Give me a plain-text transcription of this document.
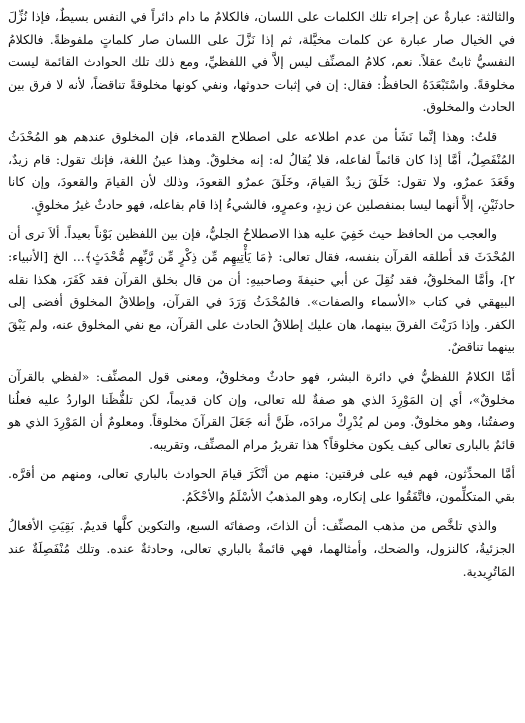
والثالثة: عبارةٌ عن إجراء تلك الكلمات على اللسان، فالكلامُ ما دام دائراً في النفس بسيطٌ، فإذا نُزِّلَ في الخيال صار عبارة عن كلمات مخيَّلة، ثم إذا نَزَّلَ على اللسان صار كلماتٍ ملفوظةً. فالكلامُ النفسيُّ ثابتٌ عقلاً. نعم، كلامُ المصنِّف ليس إلاَّ في اللفظيِّ، ومع ذلك تلك الحوادث القائمة ليست مخلوقةً. واسْتَبْعَدَهُ الحافظُ: فقال: إن في إثبات حدوثها، ونفي كونها مخلوقةً تناقضاً، لأنه لا فرق بين الحادث والمخلوق.

قلتُ: وهذا إنَّما نَشَأ من عدم اطلاعه على اصطلاح القدماء، فإن المخلوق عندهم هو المُحْدَثُ المُنْفَصِلُ، أمَّا إذا كان قائماً لفاعله، فلا يُقالُ له: إنه مخلوقٌ. وهذا عينُ اللغة، فإنك تقول: قام زيدٌ، وقَعَدَ عمرٌو، ولا تقول: خَلَقَ زيدٌ القيامَ، وخَلَقَ عمرٌو القعودَ، وذلك لأن القيامَ والقعودَ، وإن كانا حادثَيْنِ، إلاَّ أنهما ليسا بمنفصلين عن زيدٍ، وعمرٍو، فالشيءُ إذا قام بفاعله، فهو حادثٌ غيرُ مخلوقٍ.

والعجب من الحافظ حيث خَفِيَ عليه هذا الاصطلاحُ الجليُّ، فإن بين اللفظين بَوْناً بعيداً. ألاَ ترى أن المُحْدَثَ قد أطلقه القرآن بنفسه، فقال تعالى: ﴿مَا يَأْتِيهِم مِّن ذِكْرٍ مِّن رَّبِّهِم مُّحْدَثٍ﴾... الخ [الأنبياء: ٢]، وأمَّا المخلوقُ، فقد نُقِلَ عن أبي حنيفةَ وصاحبيهِ: أن من قال بخلق القرآن فقد كَفَرَ، هكذا نقله البيهقي في كتاب «الأسماء والصفات». فالمُحْدَثُ وَرَدَ في القرآن، وإطلاقُ المخلوق أفضى إلى الكفر. وإذا دَرَيْتَ الفرقَ بينهما، هان عليك إطلاقُ الحادث على القرآن، مع نفي المخلوق عنه، ولم يَبْقَ بينهما تناقضٌ.

أمَّا الكلامُ اللفظيُّ في دائرة البشر، فهو حادثٌ ومخلوقٌ، ومعنى قول المصنِّف: «لفظي بالقرآن مخلوقٌ»، أي إن المَوْرِدَ الذي هو صفةٌ لله تعالى، وإن كان قديماً، لكن تلفُّظَنا الواردُ عليه فعلُنا وصفتُنا، وهو مخلوقٌ. ومن لم يُدْرِكْ مرادَه، ظَنَّ أنه جَعَلَ القرآنَ مخلوقاً. ومعلومٌ أن المَوْرِدَ الذي هو قائمٌ بالبارى تعالى كيف يكون مخلوقاً؟ هذا تقريرُ مرام المصنِّف، وتقريبه.

أمَّا المحدِّثون، فهم فيه على فرقتين: منهم من أنْكَرَ قيامَ الحوادث بالباري تعالى، ومنهم من أقرَّه. بقي المتكلِّمون، فاتَّفَقُوا على إنكاره، وهو المذهبُ الأسْلَمُ والأحْكَمُ.

والذي تلخَّص من مذهب المصنِّف: أن الذاتَ، وصفاتَه السبع، والتكوين كلَّها قديمٌ. بَقِيَتِ الأفعالُ الجزئيةُ، كالنزول، والضحك، وأمثالهما، فهي قائمةٌ بالباري تعالى، وحادثةٌ عنده. وتلك مُنْفَصِلَةٌ عند المَاتُرِيدية.
